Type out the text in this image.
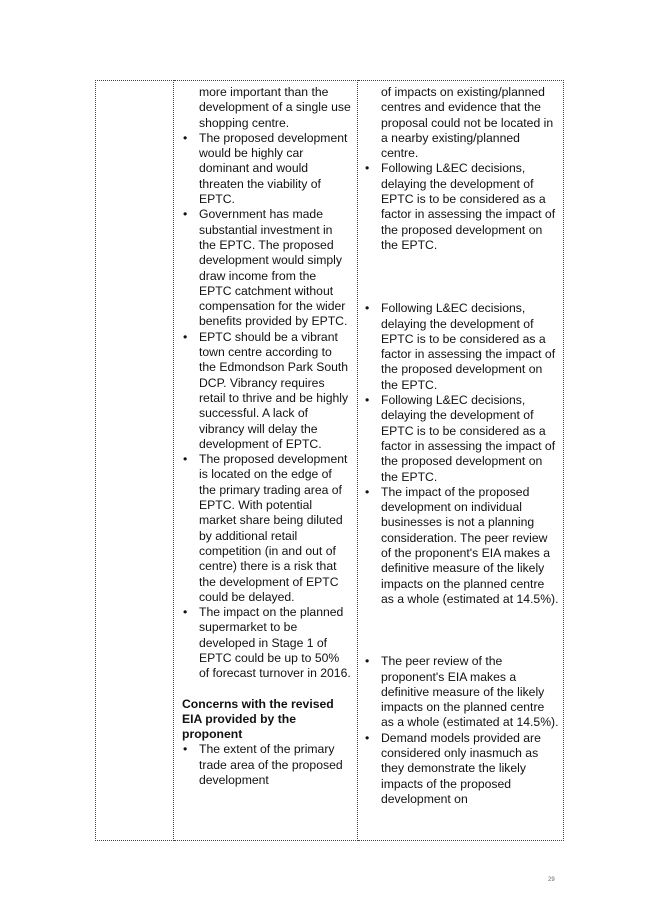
more important than the development of a single use shopping centre.
• The proposed development would be highly car dominant and would threaten the viability of EPTC.
• Government has made substantial investment in the EPTC. The proposed development would simply draw income from the EPTC catchment without compensation for the wider benefits provided by EPTC.
• EPTC should be a vibrant town centre according to the Edmondson Park South DCP. Vibrancy requires retail to thrive and be highly successful. A lack of vibrancy will delay the development of EPTC.
• The proposed development is located on the edge of the primary trading area of EPTC. With potential market share being diluted by additional retail competition (in and out of centre) there is a risk that the development of EPTC could be delayed.
• The impact on the planned supermarket to be developed in Stage 1 of EPTC could be up to 50% of forecast turnover in 2016.
Concerns with the revised EIA provided by the proponent
• The extent of the primary trade area of the proposed development

of impacts on existing/planned centres and evidence that the proposal could not be located in a nearby existing/planned centre.
• Following L&EC decisions, delaying the development of EPTC is to be considered as a factor in assessing the impact of the proposed development on the EPTC.
• Following L&EC decisions, delaying the development of EPTC is to be considered as a factor in assessing the impact of the proposed development on the EPTC.
• Following L&EC decisions, delaying the development of EPTC is to be considered as a factor in assessing the impact of the proposed development on the EPTC.
• The impact of the proposed development on individual businesses is not a planning consideration. The peer review of the proponent's EIA makes a definitive measure of the likely impacts on the planned centre as a whole (estimated at 14.5%).
• The peer review of the proponent's EIA makes a definitive measure of the likely impacts on the planned centre as a whole (estimated at 14.5%).
• Demand models provided are considered only inasmuch as they demonstrate the likely impacts of the proposed development on
29
